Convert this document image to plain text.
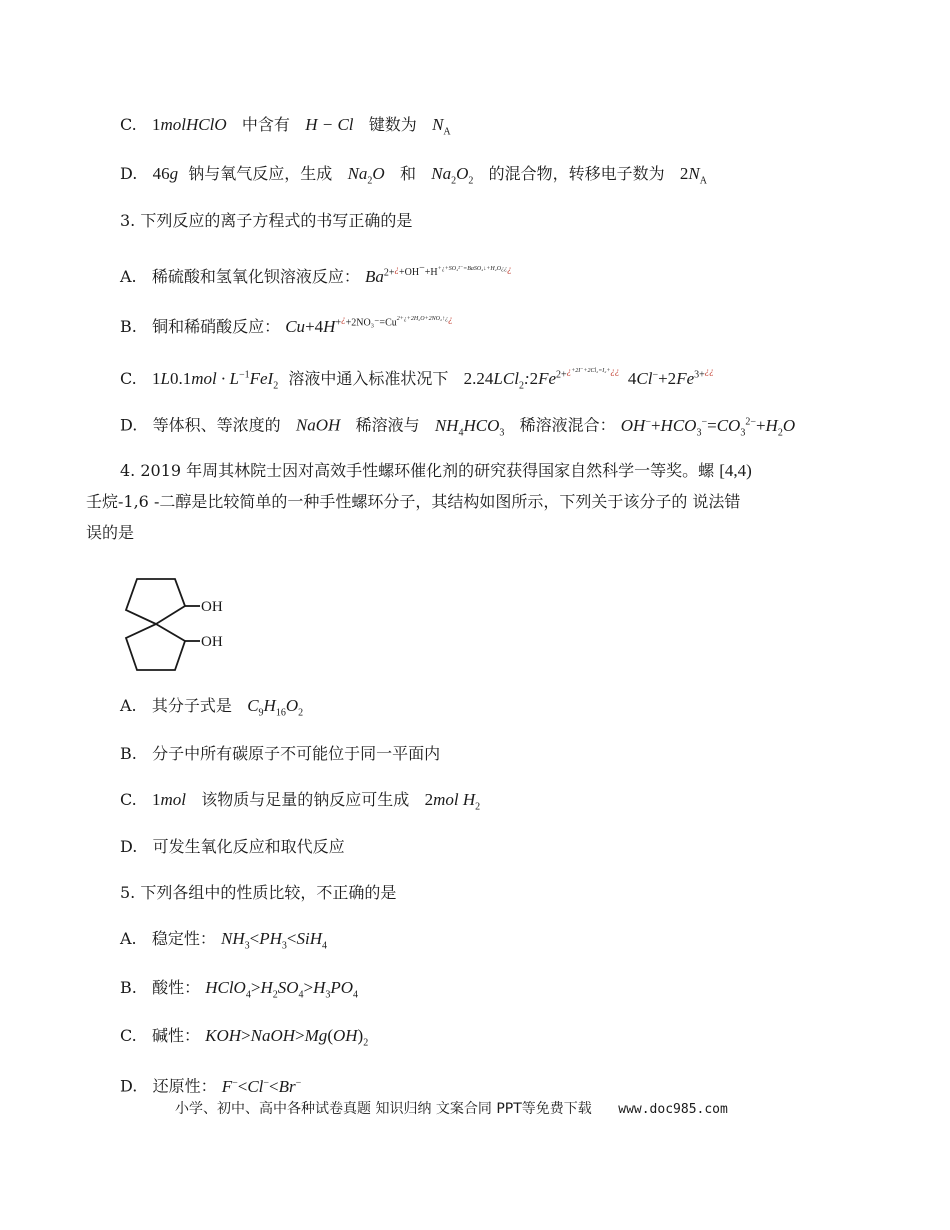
C. 1molHClO 中含有 H − Cl 键数为 $N_A$
D. 46g 钠与氧气反应，生成 $Na_2O$ 和 $Na_2O_2$ 的混合物，转移电子数为 $2N_A$
3. 下列反应的离子方程式的书写正确的是
A. 稀硫酸和氢氧化钡溶液反应： $Ba^{2+¿+OH^-+H+¿+SO_4^{2-}=BaSO_4↓+H_2O¿¿¿}$
B. 铜和稀硝酸反应： $Cu+4H^{+¿+2NO_3^-=Cu2+¿+2H_2O+2NO_2↑¿¿}$
C. $1L0.1mol \cdot L^{-1}FeI_2$ 溶液中通入标准状况下 $2.24LCl_2:2Fe^{2+¿+2I^-+2Cl_2=I_2+¿¿}$ $4Cl^-+2Fe^{3+¿¿}$
D. 等体积、等浓度的 NaOH 稀溶液与 $NH_4HCO_3$ 稀溶液混合： $OH^-+HCO_3^-=CO_3^{2-}+H_2O$
4. 2019 年周其林院士因对高效手性螺环催化剂的研究获得国家自然科学一等奖。螺 [4,4)
壬烷-1,6 -二醇是比较简单的一种手性螺环分子，其结构如图所示，下列关于该分子的 说法错
误的是
OH
OH
A. 其分子式是 $C_9H_{16}O_2$
B. 分子中所有碳原子不可能位于同一平面内
C. 1mol 该物质与足量的钠反应可生成 2mol $H_2$
D. 可发生氧化反应和取代反应
5. 下列各组中的性质比较，不正确的是
A. 稳定性： $NH_3<PH_3<SiH_4$
B. 酸性： $HClO_4>H_2SO_4>H_3PO_4$
C. 碱性： $KOH>NaOH>Mg(OH)_2$
D. 还原性： F−<Cl−<Br−
小学、初中、高中各种试卷真题 知识归纳 文案合同 PPT等免费下载 www.doc985.com
